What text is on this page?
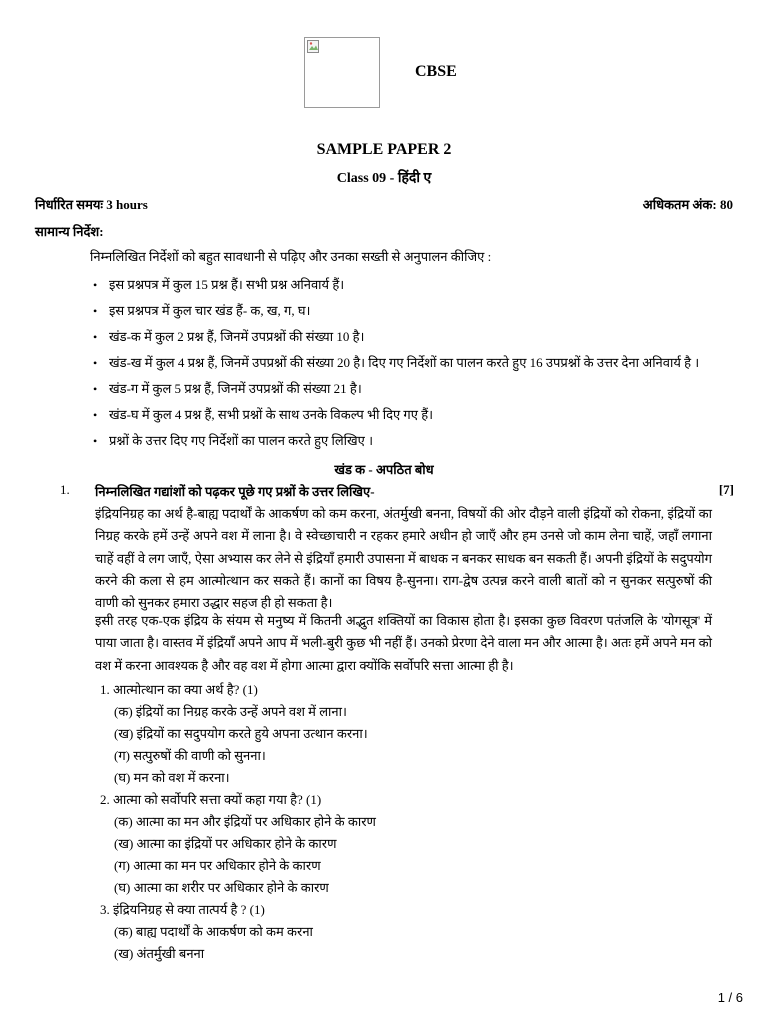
CBSE
SAMPLE PAPER 2
Class 09 - हिंदी ए
निर्धारित समयः 3 hours	अधिकतम अंक: 80
सामान्य निर्देश:
निम्नलिखित निर्देशों को बहुत सावधानी से पढ़िए और उनका सख्ती से अनुपालन कीजिए :
• इस प्रश्नपत्र में कुल 15 प्रश्न हैं। सभी प्रश्न अनिवार्य हैं।
• इस प्रश्नपत्र में कुल चार खंड हैं- क, ख, ग, घ।
• खंड-क में कुल 2 प्रश्न हैं, जिनमें उपप्रश्नों की संख्या 10 है।
• खंड-ख में कुल 4 प्रश्न हैं, जिनमें उपप्रश्नों की संख्या 20 है। दिए गए निर्देशों का पालन करते हुए 16 उपप्रश्नों के उत्तर देना अनिवार्य है ।
• खंड-ग में कुल 5 प्रश्न हैं, जिनमें उपप्रश्नों की संख्या 21 है।
• खंड-घ में कुल 4 प्रश्न हैं, सभी प्रश्नों के साथ उनके विकल्प भी दिए गए हैं।
• प्रश्नों के उत्तर दिए गए निर्देशों का पालन करते हुए लिखिए ।
खंड क - अपठित बोध
1. निम्नलिखित गद्यांशों को पढ़कर पूछे गए प्रश्नों के उत्तर लिखिए-	[7]

इंद्रियनिग्रह का अर्थ है-बाह्य पदार्थों के आकर्षण को कम करना, अंतर्मुखी बनना, विषयों की ओर दौड़ने वाली इंद्रियों को रोकना, इंद्रियों का निग्रह करके हमें उन्हें अपने वश में लाना है। वे स्वेच्छाचारी न रहकर हमारे अधीन हो जाएँ और हम उनसे जो काम लेना चाहें, जहाँ लगाना चाहें वहीं वे लग जाएँ, ऐसा अभ्यास कर लेने से इंद्रियाँ हमारी उपासना में बाधक न बनकर साधक बन सकती हैं। अपनी इंद्रियों के सदुपयोग करने की कला से हम आत्मोत्थान कर सकते हैं। कानों का विषय है-सुनना। राग-द्वेष उत्पन्न करने वाली बातों को न सुनकर सत्पुरुषों की वाणी को सुनकर हमारा उद्धार सहज ही हो सकता है।

इसी तरह एक-एक इंद्रिय के संयम से मनुष्य में कितनी अद्भुत शक्तियों का विकास होता है। इसका कुछ विवरण पतंजलि के 'योगसूत्र' में पाया जाता है। वास्तव में इंद्रियाँ अपने आप में भली-बुरी कुछ भी नहीं हैं। उनको प्रेरणा देने वाला मन और आत्मा है। अतः हमें अपने मन को वश में करना आवश्यक है और वह वश में होगा आत्मा द्वारा क्योंकि सर्वोपरि सत्ता आत्मा ही है।

1. आत्मोत्थान का क्या अर्थ है? (1)
(क) इंद्रियों का निग्रह करके उन्हें अपने वश में लाना।
(ख) इंद्रियों का सदुपयोग करते हुये अपना उत्थान करना।
(ग) सत्पुरुषों की वाणी को सुनना।
(घ) मन को वश में करना।
2. आत्मा को सर्वोपरि सत्ता क्यों कहा गया है? (1)
(क) आत्मा का मन और इंद्रियों पर अधिकार होने के कारण
(ख) आत्मा का इंद्रियों पर अधिकार होने के कारण
(ग) आत्मा का मन पर अधिकार होने के कारण
(घ) आत्मा का शरीर पर अधिकार होने के कारण
3. इंद्रियनिग्रह से क्या तात्पर्य है ? (1)
(क) बाह्य पदार्थों के आकर्षण को कम करना
(ख) अंतर्मुखी बनना
1 / 6
